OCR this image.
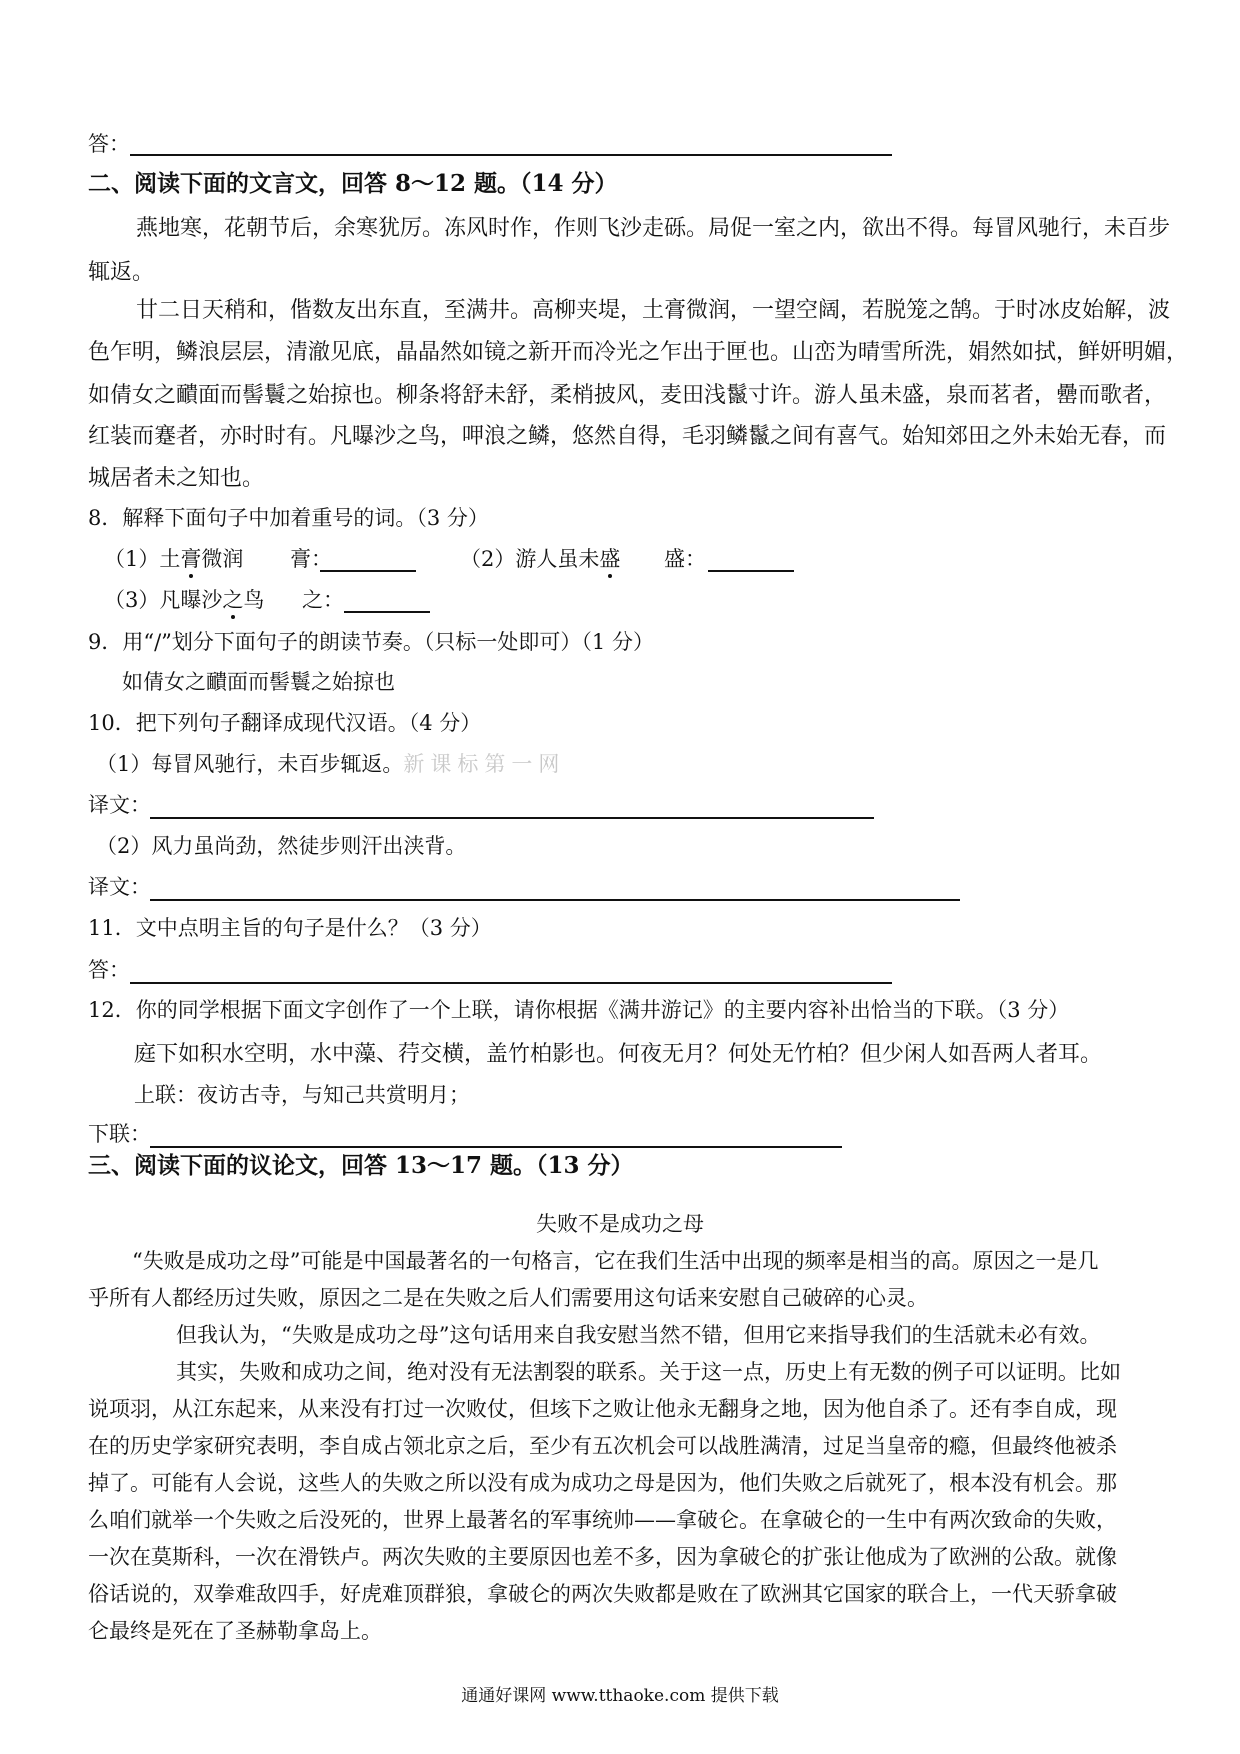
答：
二、阅读下面的文言文，回答 8～12 题。（14 分）
燕地寒，花朝节后，余寒犹厉。冻风时作，作则飞沙走砾。局促一室之内，欲出不得。每冒风驰行，未百步
辄返。
廿二日天稍和，偕数友出东直，至满井。高柳夹堤，土膏微润，一望空阔，若脱笼之鹄。于时冰皮始解，波
色乍明，鳞浪层层，清澈见底，晶晶然如镜之新开而冷光之乍出于匣也。山峦为晴雪所洗，娟然如拭，鲜妍明媚，
如倩女之靧面而髻鬟之始掠也。柳条将舒未舒，柔梢披风，麦田浅鬣寸许。游人虽未盛，泉而茗者，罍而歌者，
红装而蹇者，亦时时有。凡曝沙之鸟，呷浪之鳞，悠然自得，毛羽鳞鬣之间有喜气。始知郊田之外未始无春，而
城居者未之知也。
8．解释下面句子中加着重号的词。（3 分）
（1）土膏微润 膏：	（2）游人虽未盛 盛：
（3）凡曝沙之鸟 之：
9．用“/”划分下面句子的朗读节奏。（只标一处即可）（1 分）
如倩女之靧面而髻鬟之始掠也
10．把下列句子翻译成现代汉语。（4 分）
（1）每冒风驰行，未百步辄返。新课标第一网
译文：
（2）风力虽尚劲，然徒步则汗出浃背。
译文：
11．文中点明主旨的句子是什么？（3 分）
答：
12．你的同学根据下面文字创作了一个上联，请你根据《满井游记》的主要内容补出恰当的下联。（3 分）
庭下如积水空明，水中藻、荇交横，盖竹柏影也。何夜无月？何处无竹柏？但少闲人如吾两人者耳。
上联：夜访古寺，与知己共赏明月；
下联：
三、阅读下面的议论文，回答 13～17 题。（13 分）
失败不是成功之母
“失败是成功之母”可能是中国最著名的一句格言，它在我们生活中出现的频率是相当的高。原因之一是几
乎所有人都经历过失败，原因之二是在失败之后人们需要用这句话来安慰自己破碎的心灵。
但我认为，“失败是成功之母”这句话用来自我安慰当然不错，但用它来指导我们的生活就未必有效。
其实，失败和成功之间，绝对没有无法割裂的联系。关于这一点，历史上有无数的例子可以证明。比如
说项羽，从江东起来，从来没有打过一次败仗，但垓下之败让他永无翻身之地，因为他自杀了。还有李自成，现
在的历史学家研究表明，李自成占领北京之后，至少有五次机会可以战胜满清，过足当皇帝的瘾，但最终他被杀
掉了。可能有人会说，这些人的失败之所以没有成为成功之母是因为，他们失败之后就死了，根本没有机会。那
么咱们就举一个失败之后没死的，世界上最著名的军事统帅——拿破仑。在拿破仑的一生中有两次致命的失败，
一次在莫斯科，一次在滑铁卢。两次失败的主要原因也差不多，因为拿破仑的扩张让他成为了欧洲的公敌。就像
俗话说的，双拳难敌四手，好虎难顶群狼，拿破仑的两次失败都是败在了欧洲其它国家的联合上，一代天骄拿破
仑最终是死在了圣赫勒拿岛上。
通通好课网 www.tthaoke.com 提供下载
